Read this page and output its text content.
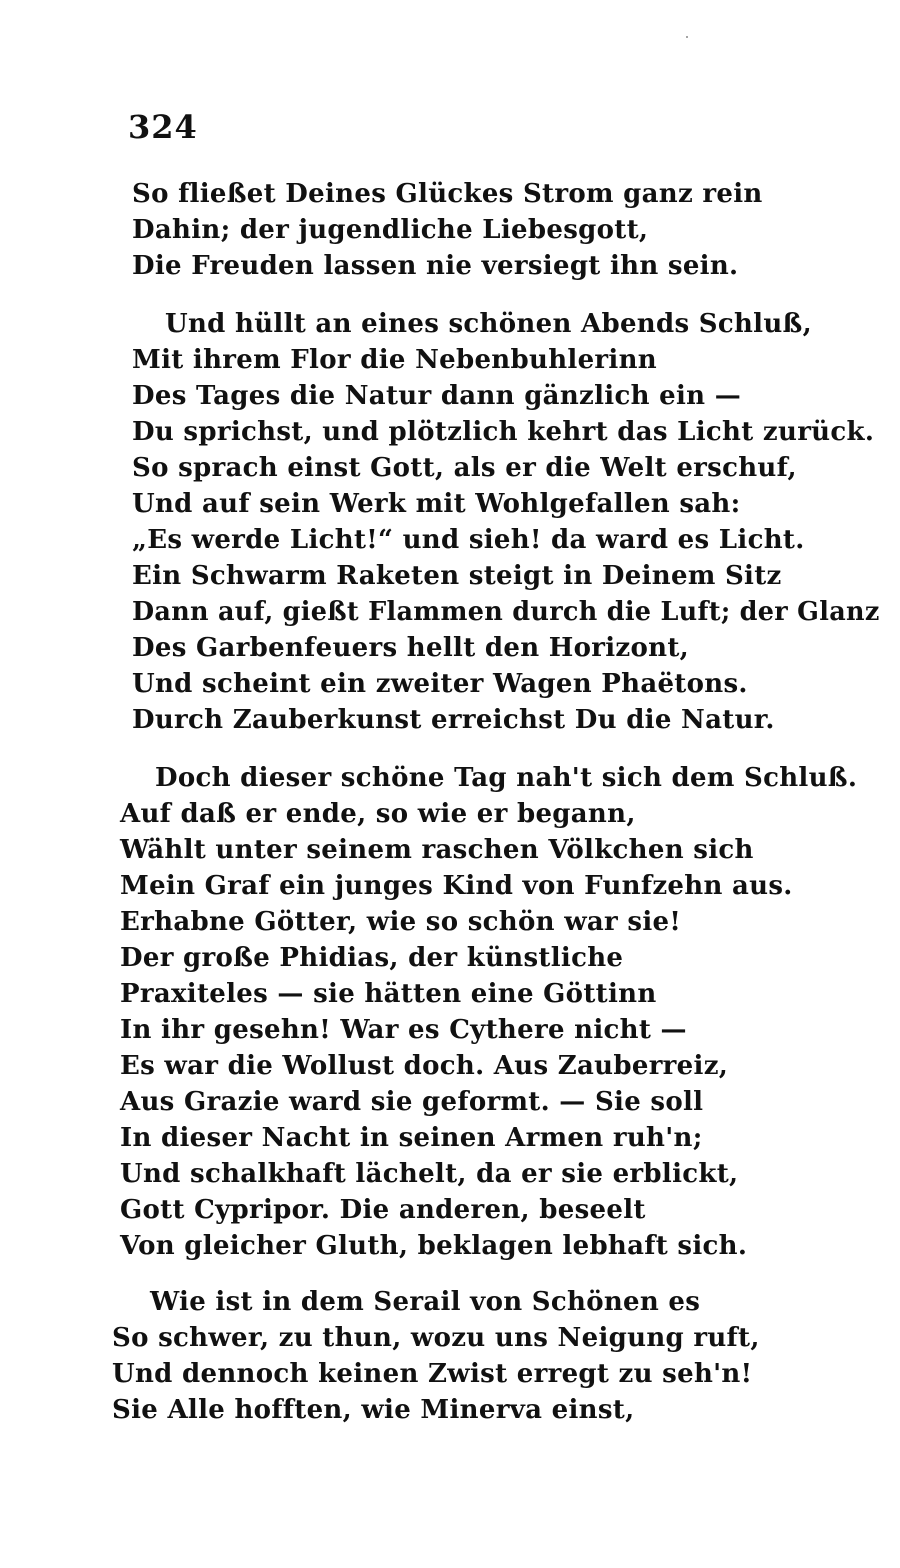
324
So fließet Deines Glückes Strom ganz rein
Dahin; der jugendliche Liebesgott,
Die Freuden lassen nie versiegt ihn sein.
Und hüllt an eines schönen Abends Schluß,
Mit ihrem Flor die Nebenbuhlerinn
Des Tages die Natur dann gänzlich ein —
Du sprichst, und plötzlich kehrt das Licht zurück.
So sprach einst Gott, als er die Welt erschuf,
Und auf sein Werk mit Wohlgefallen sah:
„Es werde Licht!“ und sieh! da ward es Licht.
Ein Schwarm Raketen steigt in Deinem Sitz
Dann auf, gießt Flammen durch die Luft; der Glanz
Des Garbenfeuers hellt den Horizont,
Und scheint ein zweiter Wagen Phaëtons.
Durch Zauberkunst erreichst Du die Natur.
Doch dieser schöne Tag nah't sich dem Schluß.
Auf daß er ende, so wie er begann,
Wählt unter seinem raschen Völkchen sich
Mein Graf ein junges Kind von Funfzehn aus.
Erhabne Götter, wie so schön war sie!
Der große Phidias, der künstliche
Praxiteles — sie hätten eine Göttinn
In ihr gesehn! War es Cythere nicht —
Es war die Wollust doch. Aus Zauberreiz,
Aus Grazie ward sie geformt. — Sie soll
In dieser Nacht in seinen Armen ruh'n;
Und schalkhaft lächelt, da er sie erblickt,
Gott Cypripor. Die anderen, beseelt
Von gleicher Gluth, beklagen lebhaft sich.
Wie ist in dem Serail von Schönen es
So schwer, zu thun, wozu uns Neigung ruft,
Und dennoch keinen Zwist erregt zu seh'n!
Sie Alle hofften, wie Minerva einst,
